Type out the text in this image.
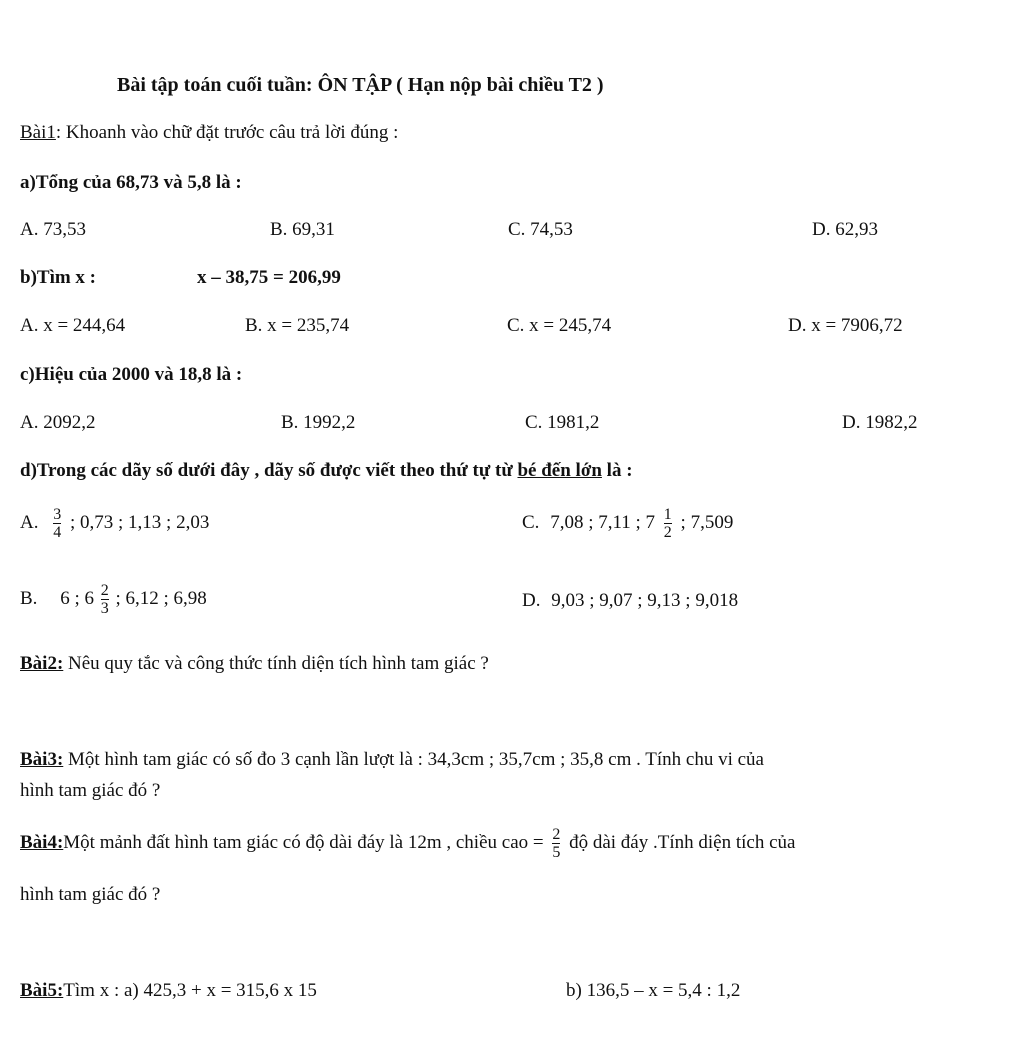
Bài tập toán cuối tuần: ÔN TẬP ( Hạn nộp bài chiều T2 )
Bài1: Khoanh vào chữ đặt trước câu trả lời đúng :
a)Tổng của 68,73 và 5,8 là :
A. 73,53	B. 69,31	C. 74,53	D. 62,93
b)Tìm x :	x – 38,75 = 206,99
A. x = 244,64	B. x = 235,74	C. x = 245,74	D. x = 7906,72
c)Hiệu của 2000 và 18,8 là :
A. 2092,2	B. 1992,2	C. 1981,2	D. 1982,2
d)Trong các dãy số dưới đây , dãy số được viết theo thứ tự từ bé đến lớn là :
A. $\frac{3}{4}$ ; 0,73 ; 1,13 ; 2,03	C. 7,08 ; 7,11 ; $7 \frac{1}{2}$ ; 7,509
B. 6 ; $6 \frac{2}{3}$ ; 6,12 ; 6,98	D. 9,03 ; 9,07 ; 9,13 ; 9,018
Bài2: Nêu quy tắc và công thức tính diện tích hình tam giác ?
Bài3: Một hình tam giác có số đo 3 cạnh lần lượt là : 34,3cm ; 35,7cm ; 35,8 cm . Tính chu vi của
hình tam giác đó ?
Bài4:Một mảnh đất hình tam giác có độ dài đáy là 12m , chiều cao = $\frac{2}{5}$ độ dài đáy .Tính diện tích của
hình tam giác đó ?
Bài5:Tìm x : a) 425,3 + x = 315,6 x 15	b) 136,5 – x = 5,4 : 1,2
